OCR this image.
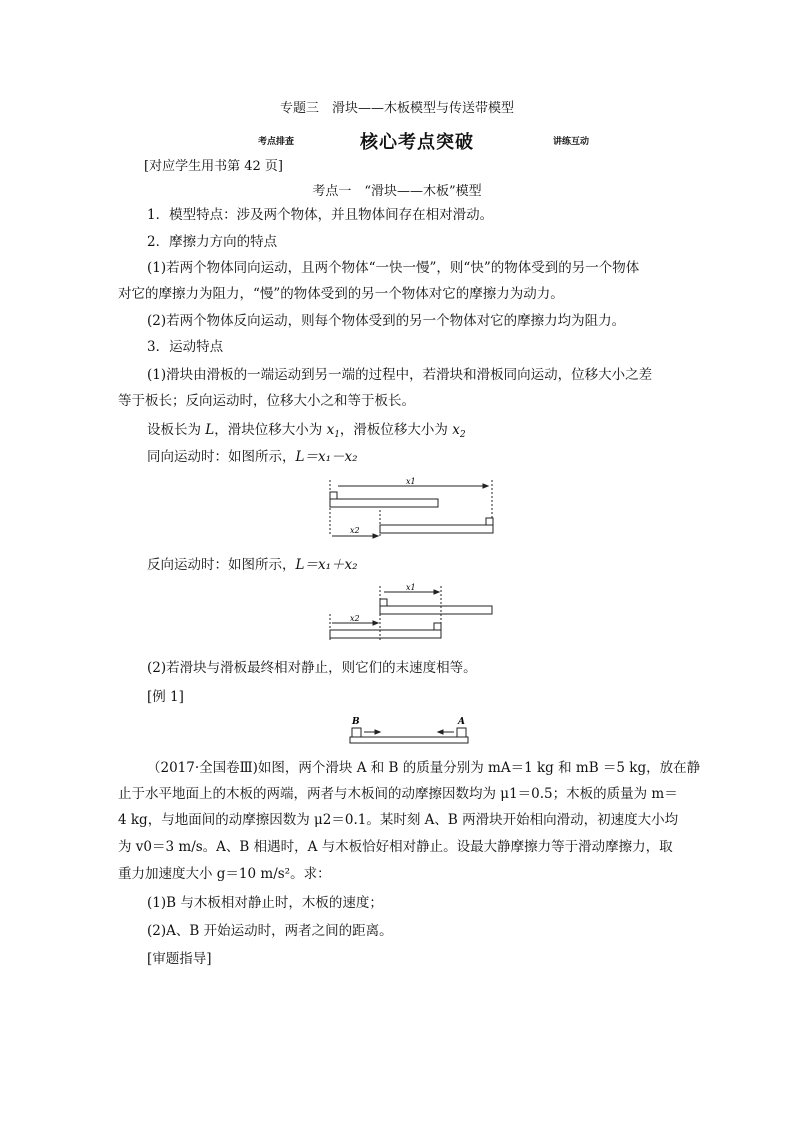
专题三　滑块——木板模型与传送带模型
考点排查	核心考点突破	讲练互动
[对应学生用书第 42 页]
考点一　“滑块——木板”模型
1．模型特点：涉及两个物体，并且物体间存在相对滑动。
2．摩擦力方向的特点
(1)若两个物体同向运动，且两个物体“一快一慢”，则“快”的物体受到的另一个物体
对它的摩擦力为阻力，“慢”的物体受到的另一个物体对它的摩擦力为动力。
(2)若两个物体反向运动，则每个物体受到的另一个物体对它的摩擦力均为阻力。
3．运动特点
(1)滑块由滑板的一端运动到另一端的过程中，若滑块和滑板同向运动，位移大小之差
等于板长；反向运动时，位移大小之和等于板长。
设板长为 L，滑块位移大小为 $x_1$，滑板位移大小为 $x_2$
同向运动时：如图所示，L＝x₁－x₂
x1
x2
反向运动时：如图所示，L＝x₁＋x₂
x1
x2
(2)若滑块与滑板最终相对静止，则它们的末速度相等。
[例 1]
B	A
（2017·全国卷Ⅲ)如图，两个滑块 A 和 B 的质量分别为 mA＝1 kg 和 mB ＝5 kg，放在静
止于水平地面上的木板的两端，两者与木板间的动摩擦因数均为 μ1＝0.5；木板的质量为 m＝
4 kg，与地面间的动摩擦因数为 μ2＝0.1。某时刻 A、B 两滑块开始相向滑动，初速度大小均
为 v0＝3 m/s。A、B 相遇时，A 与木板恰好相对静止。设最大静摩擦力等于滑动摩擦力，取
重力加速度大小 g＝10 m/s²。求：
(1)B 与木板相对静止时，木板的速度；
(2)A、B 开始运动时，两者之间的距离。
[审题指导]
